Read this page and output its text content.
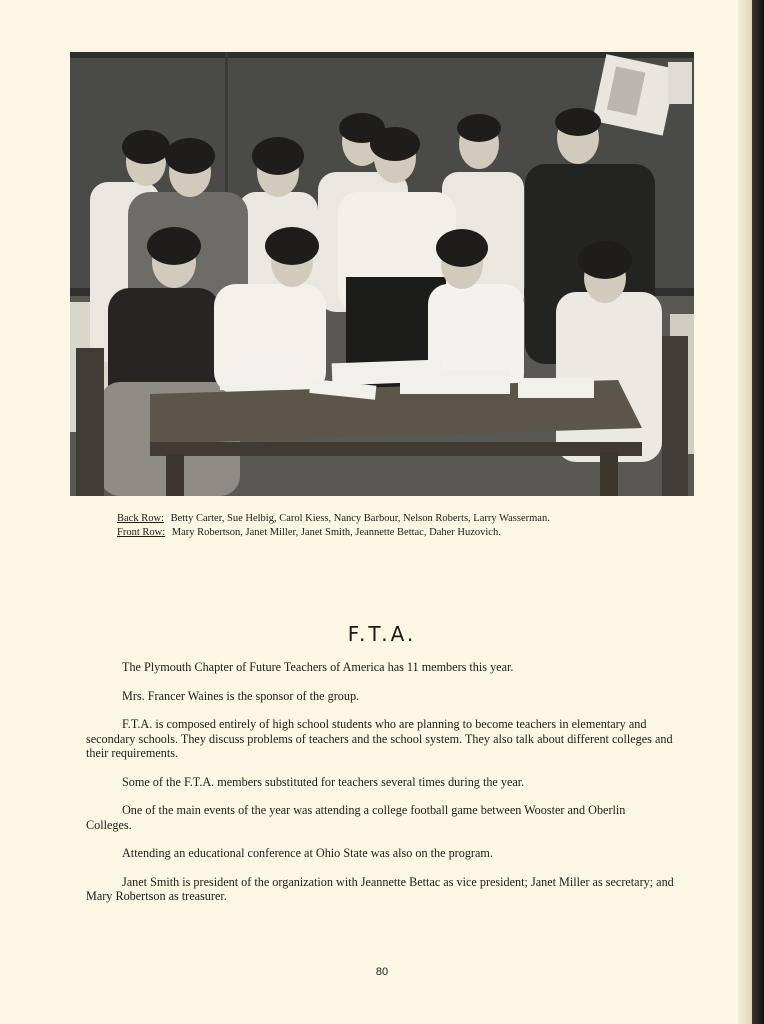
Back Row: Betty Carter, Sue Helbig, Carol Kiess, Nancy Barbour, Nelson Roberts, Larry Wasserman.
Front Row: Mary Robertson, Janet Miller, Janet Smith, Jeannette Bettac, Daher Huzovich.
F.T.A.

The Plymouth Chapter of Future Teachers of America has 11 members this year.

Mrs. Francer Waines is the sponsor of the group.

F.T.A. is composed entirely of high school students who are planning to become teachers in elementary and secondary schools. They discuss problems of teachers and the school system. They also talk about different colleges and their requirements.

Some of the F.T.A. members substituted for teachers several times during the year.

One of the main events of the year was attending a college football game between Wooster and Oberlin Colleges.

Attending an educational conference at Ohio State was also on the program.

Janet Smith is president of the organization with Jeannette Bettac as vice president; Janet Miller as secretary; and Mary Robertson as treasurer.

80
